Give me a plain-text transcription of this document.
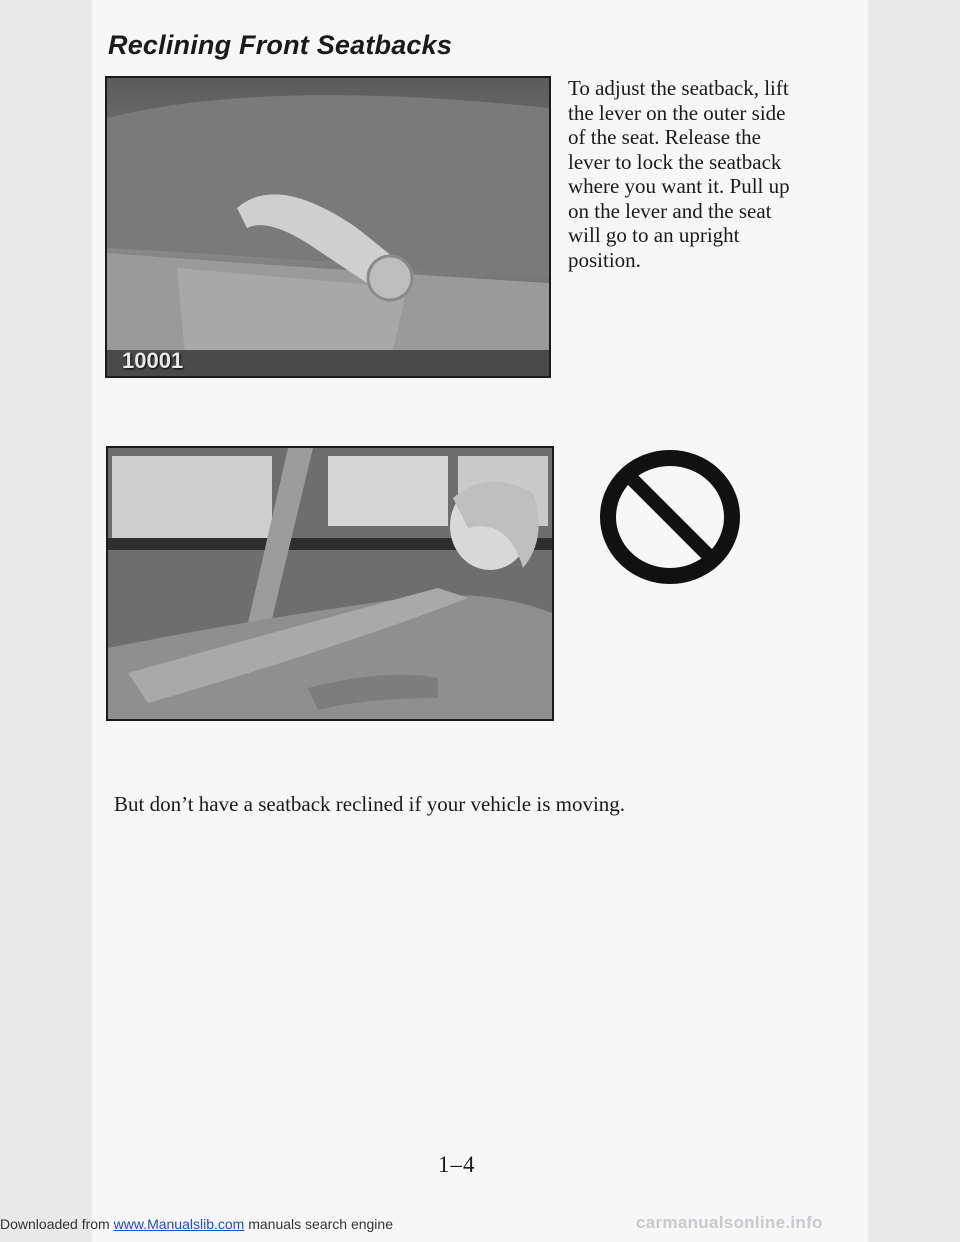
Reclining Front Seatbacks
10001

To adjust the seatback, lift the lever on the outer side of the seat. Release the lever to lock the seatback where you want it. Pull up on the lever and the seat will go to an upright position.

But don’t have a seatback reclined if your vehicle is moving.

1–4
Downloaded from www.Manualslib.com manuals search engine	carmanualsonline.info
